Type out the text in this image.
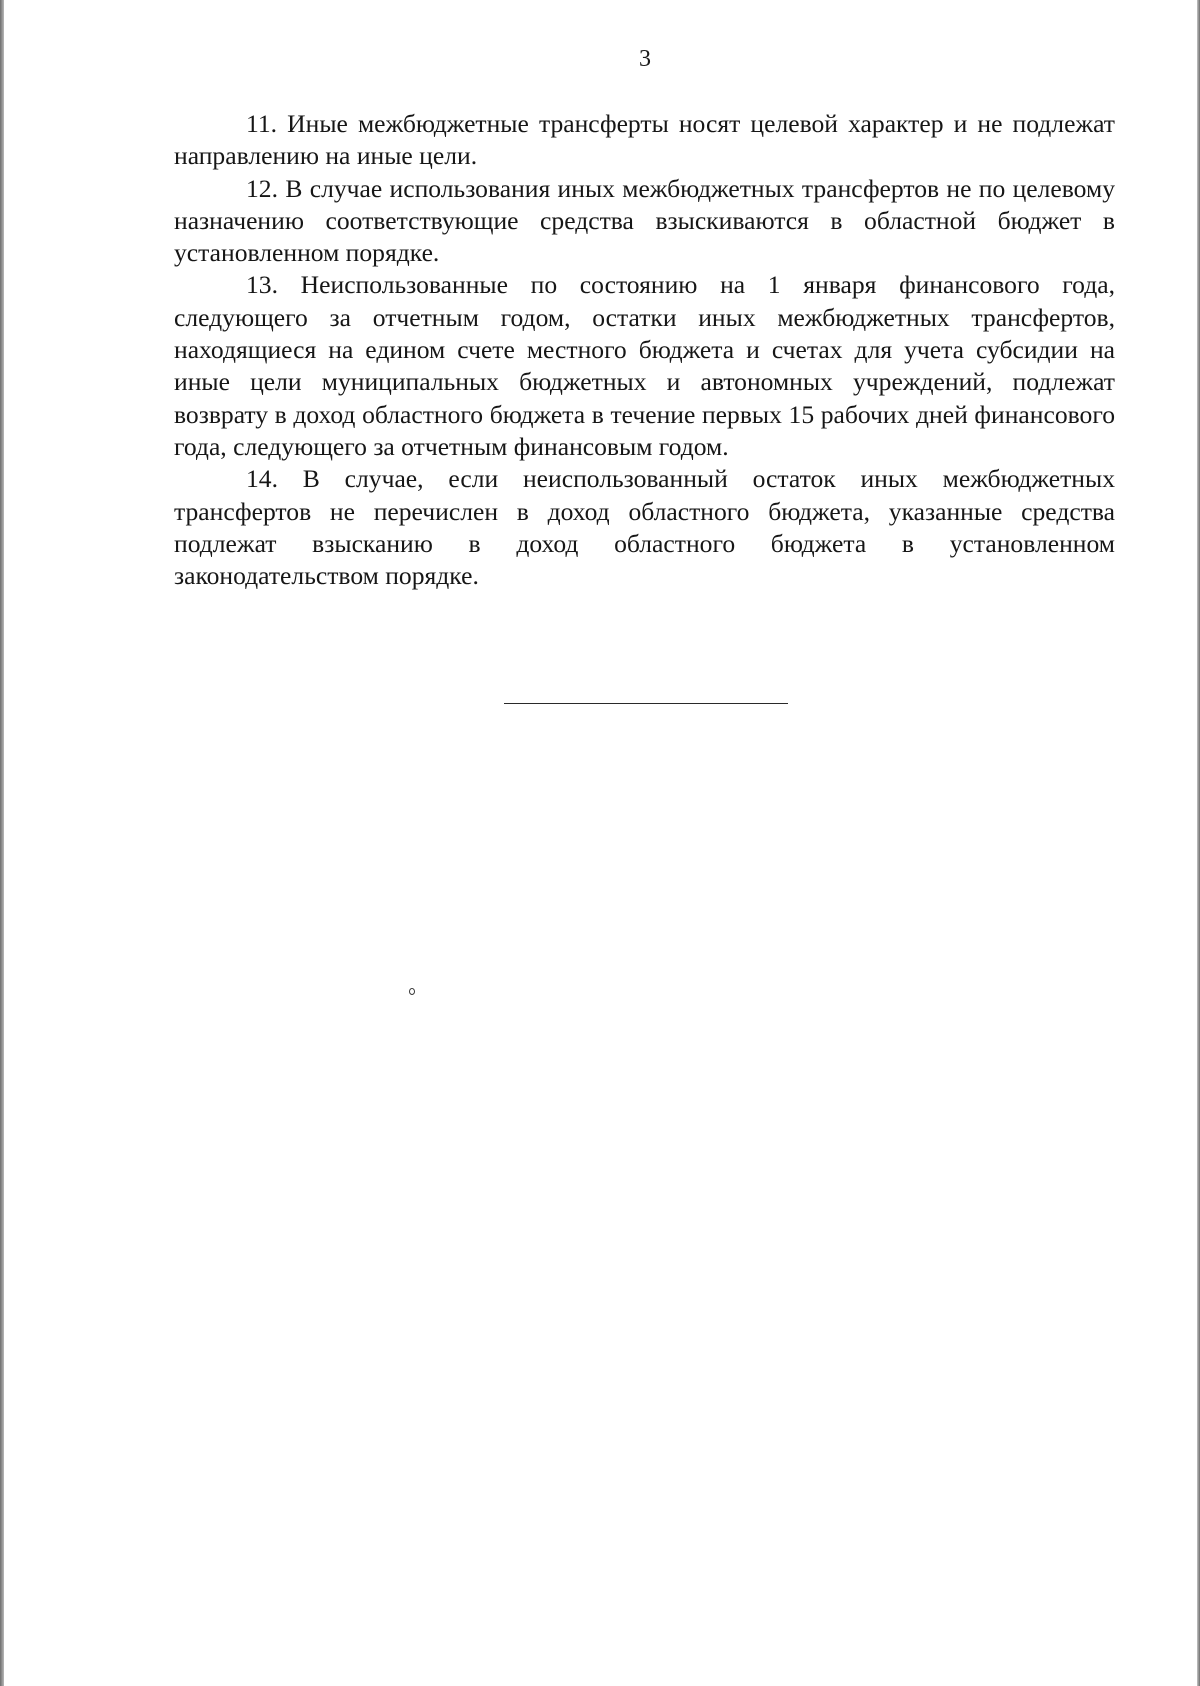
3

11. Иные межбюджетные трансферты носят целевой характер и не подлежат направлению на иные цели.

12. В случае использования иных межбюджетных трансфертов не по целевому назначению соответствующие средства взыскиваются в областной бюджет в установленном порядке.

13. Неиспользованные по состоянию на 1 января финансового года, следующего за отчетным годом, остатки иных межбюджетных трансфертов, находящиеся на едином счете местного бюджета и счетах для учета субсидии на иные цели муниципальных бюджетных и автономных учреждений, подлежат возврату в доход областного бюджета в течение первых 15 рабочих дней финансового года, следующего за отчетным финансовым годом.

14. В случае, если неиспользованный остаток иных межбюджетных трансфертов не перечислен в доход областного бюджета, указанные средства подлежат взысканию в доход областного бюджета в установленном законодательством порядке.
